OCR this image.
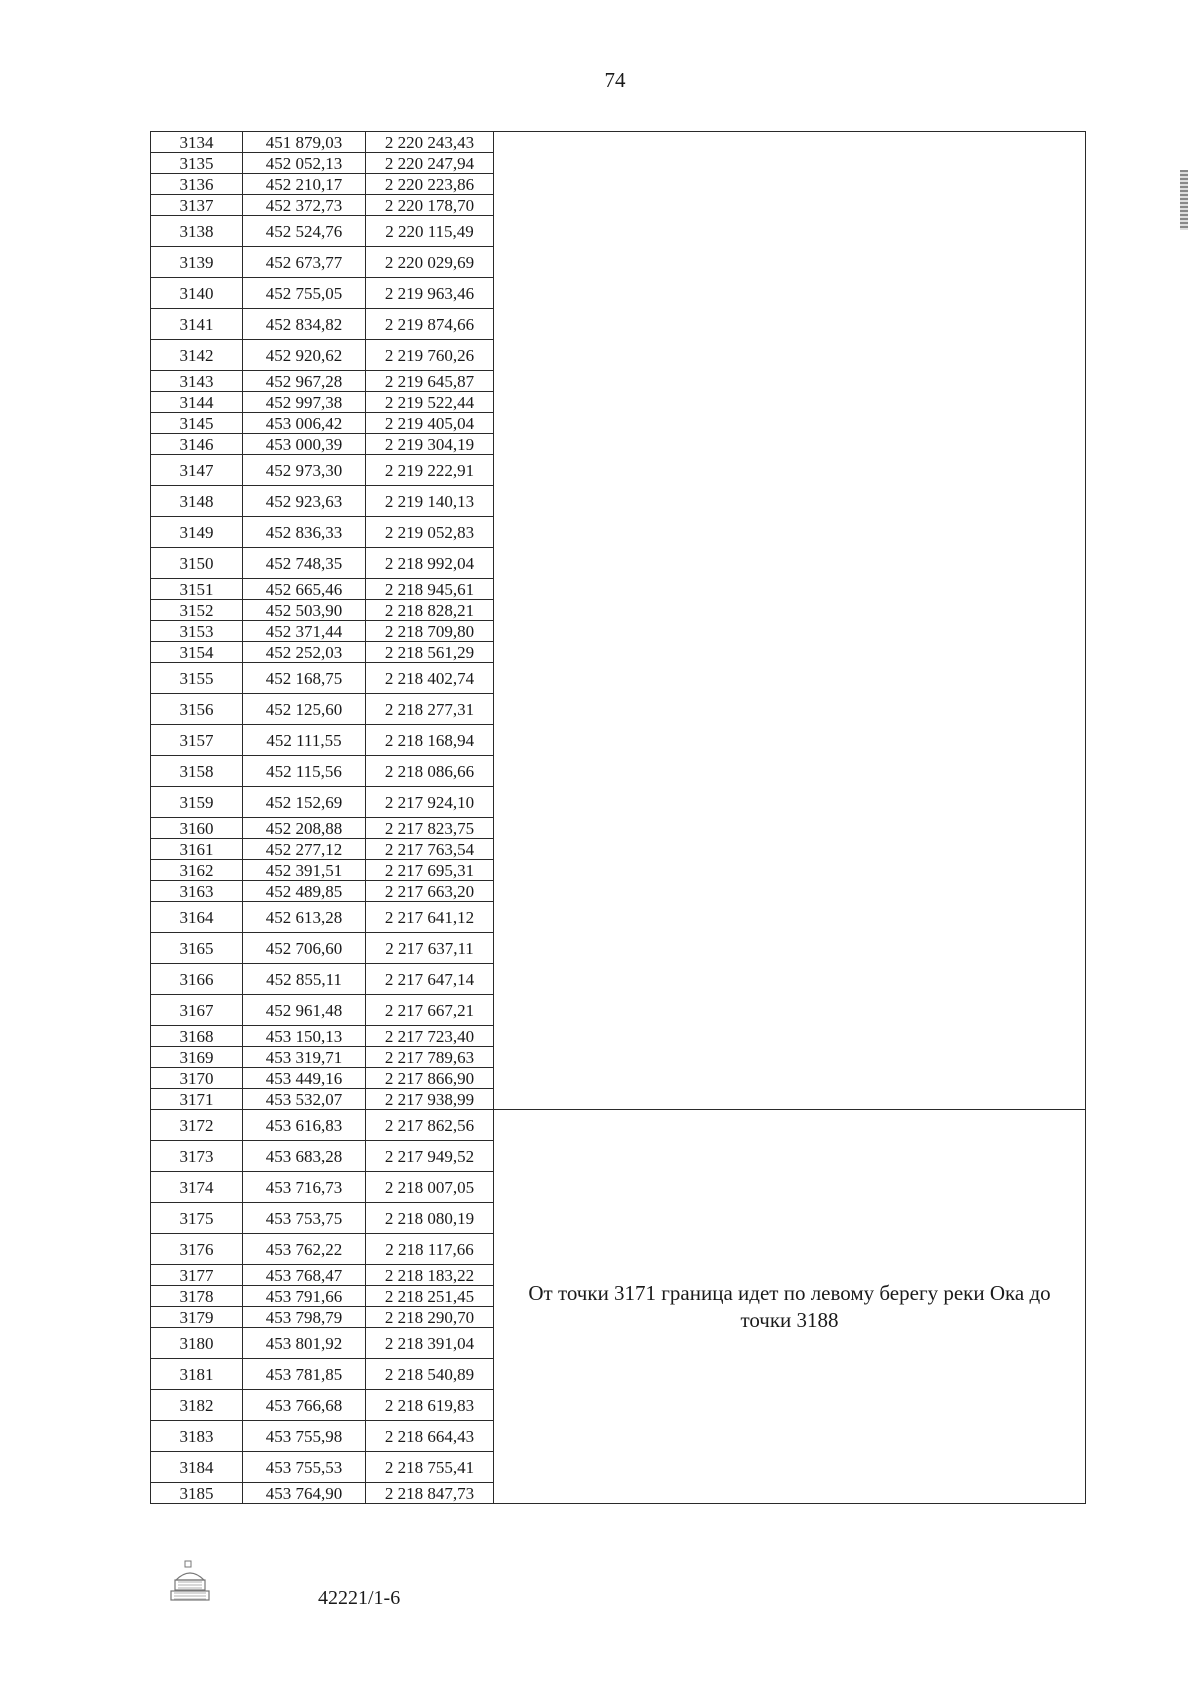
74
3134	451 879,03	2 220 243,43	
3135	452 052,13	2 220 247,94	
3136	452 210,17	2 220 223,86	
3137	452 372,73	2 220 178,70	
3138	452 524,76	2 220 115,49	
3139	452 673,77	2 220 029,69	
3140	452 755,05	2 219 963,46	
3141	452 834,82	2 219 874,66	
3142	452 920,62	2 219 760,26	
3143	452 967,28	2 219 645,87	
3144	452 997,38	2 219 522,44	
3145	453 006,42	2 219 405,04	
3146	453 000,39	2 219 304,19	
3147	452 973,30	2 219 222,91	
3148	452 923,63	2 219 140,13	
3149	452 836,33	2 219 052,83	
3150	452 748,35	2 218 992,04	
3151	452 665,46	2 218 945,61	
3152	452 503,90	2 218 828,21	
3153	452 371,44	2 218 709,80	
3154	452 252,03	2 218 561,29	
3155	452 168,75	2 218 402,74	
3156	452 125,60	2 218 277,31	
3157	452 111,55	2 218 168,94	
3158	452 115,56	2 218 086,66	
3159	452 152,69	2 217 924,10	
3160	452 208,88	2 217 823,75	
3161	452 277,12	2 217 763,54	
3162	452 391,51	2 217 695,31	
3163	452 489,85	2 217 663,20	
3164	452 613,28	2 217 641,12	
3165	452 706,60	2 217 637,11	
3166	452 855,11	2 217 647,14	
3167	452 961,48	2 217 667,21	
3168	453 150,13	2 217 723,40	
3169	453 319,71	2 217 789,63	
3170	453 449,16	2 217 866,90	
3171	453 532,07	2 217 938,99	
3172	453 616,83	2 217 862,56	От точки 3171 граница идет по левому берегу реки Ока до точки 3188
3173	453 683,28	2 217 949,52	
3174	453 716,73	2 218 007,05	
3175	453 753,75	2 218 080,19	
3176	453 762,22	2 218 117,66	
3177	453 768,47	2 218 183,22	
3178	453 791,66	2 218 251,45	
3179	453 798,79	2 218 290,70	
3180	453 801,92	2 218 391,04	
3181	453 781,85	2 218 540,89	
3182	453 766,68	2 218 619,83	
3183	453 755,98	2 218 664,43	
3184	453 755,53	2 218 755,41	
3185	453 764,90	2 218 847,73	
42221/1-6
